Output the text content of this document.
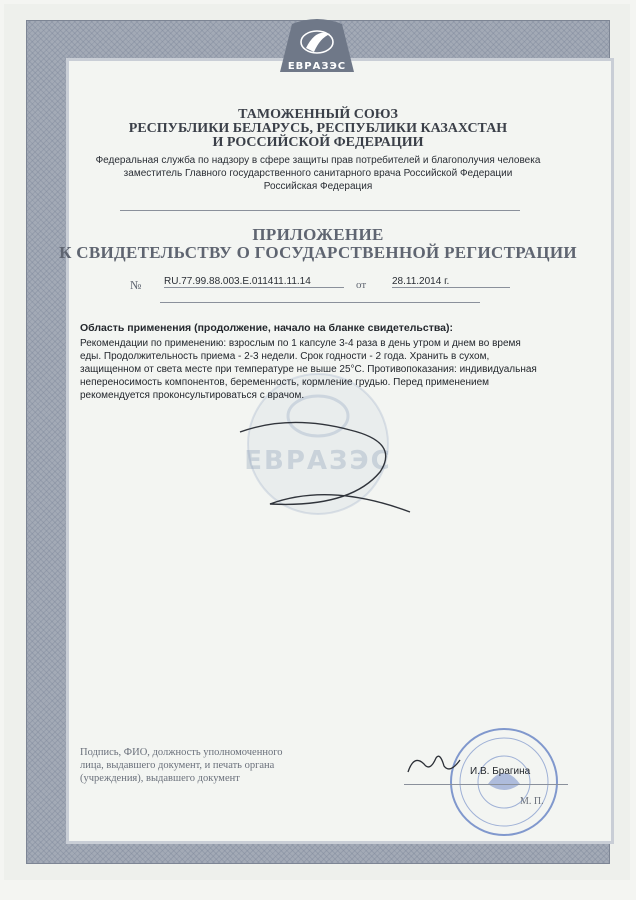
ЕВРАЗЭС
ТАМОЖЕННЫЙ СОЮЗ
РЕСПУБЛИКИ БЕЛАРУСЬ, РЕСПУБЛИКИ КАЗАХСТАН
И РОССИЙСКОЙ ФЕДЕРАЦИИ
Федеральная служба по надзору в сфере защиты прав потребителей и благополучия человека
заместитель Главного государственного санитарного врача Российской Федерации
Российская Федерация
ПРИЛОЖЕНИЕ
К СВИДЕТЕЛЬСТВУ О ГОСУДАРСТВЕННОЙ РЕГИСТРАЦИИ
№ RU.77.99.88.003.E.011411.11.14	от	28.11.2014 г.
ЕВРАЗЭС
Область применения (продолжение, начало на бланке свидетельства):
Рекомендации по применению: взрослым по 1 капсуле 3-4 раза в день утром и днем во время
еды. Продолжительность приема - 2-3 недели. Срок годности - 2 года. Хранить в сухом,
защищенном от света месте при температуре не выше 25°С. Противопоказания: индивидуальная
непереносимость компонентов, беременность, кормление грудью. Перед применением
рекомендуется проконсультироваться с врачом.
Подпись, ФИО, должность уполномоченного
лица, выдавшего документ, и печать органа
(учреждения), выдавшего документ
И.В. Брагина
М. П.
